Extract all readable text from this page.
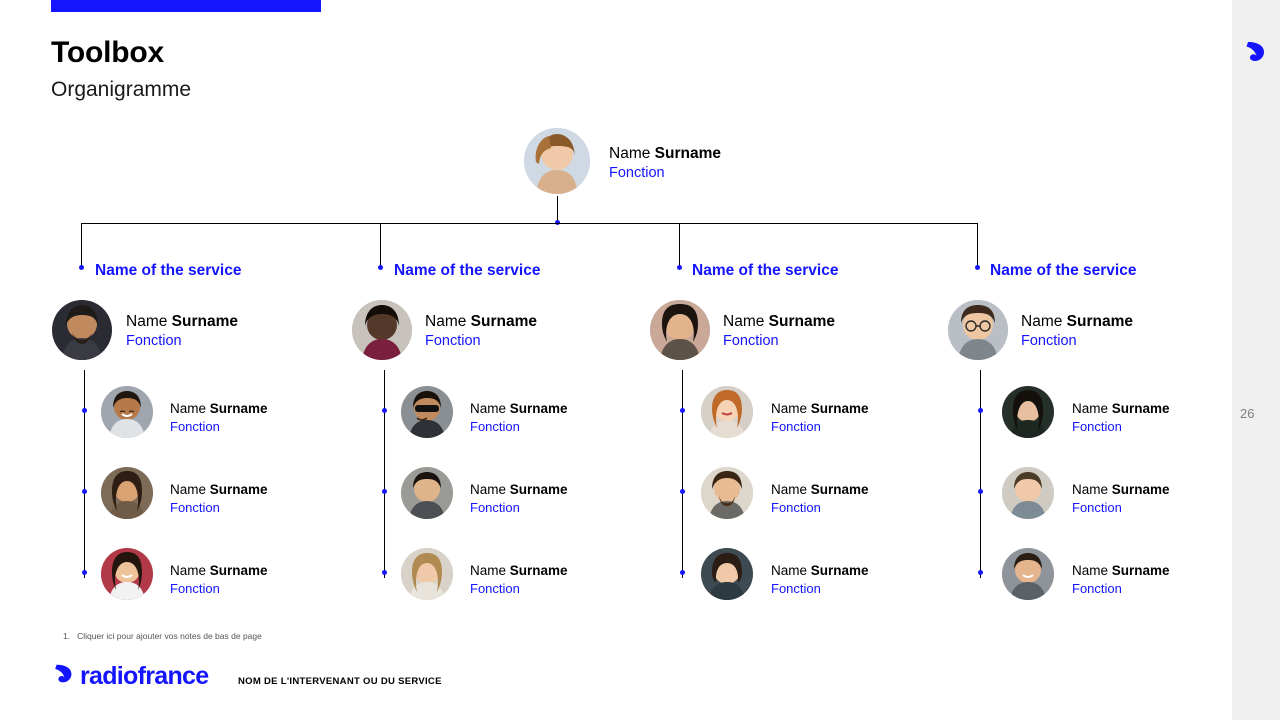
26
Toolbox
Organigramme
Name Surname
Fonction
Name of the service
Name Surname
Fonction
Name Surname
Fonction
Name Surname
Fonction
Name Surname
Fonction
Name of the service
Name Surname
Fonction
Name Surname
Fonction
Name Surname
Fonction
Name Surname
Fonction
Name of the service
Name Surname
Fonction
Name Surname
Fonction
Name Surname
Fonction
Name Surname
Fonction
Name of the service
Name Surname
Fonction
Name Surname
Fonction
Name Surname
Fonction
Name Surname
Fonction
1. Cliquer ici pour ajouter vos notes de bas de page
radiofrance	NOM DE L'INTERVENANT OU DU SERVICE
